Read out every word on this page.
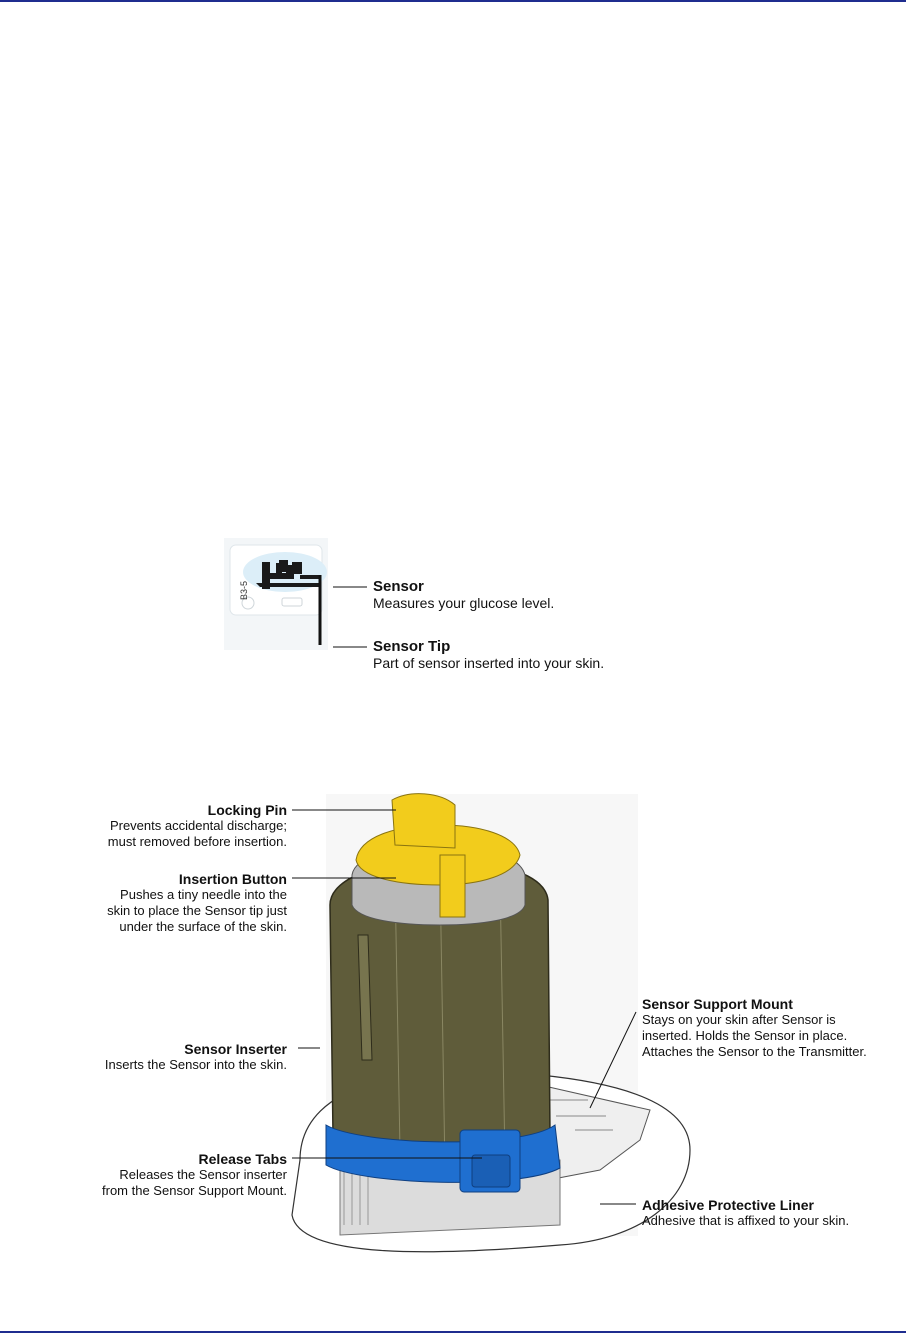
B3-5	Sensor
Measures your glucose level.
Sensor Tip
Part of sensor inserted into your skin.
Locking Pin
Prevents accidental discharge;
must removed before insertion.
Insertion Button
Pushes a tiny needle into the
skin to place the Sensor tip just
under the surface of the skin.
Sensor Inserter
Inserts the Sensor into the skin.
Release Tabs
Releases the Sensor inserter
from the Sensor Support Mount.
Sensor Support Mount
Stays on your skin after Sensor is
inserted. Holds the Sensor in place.
Attaches the Sensor to the Transmitter.
Adhesive Protective Liner
Adhesive that is affixed to your skin.
